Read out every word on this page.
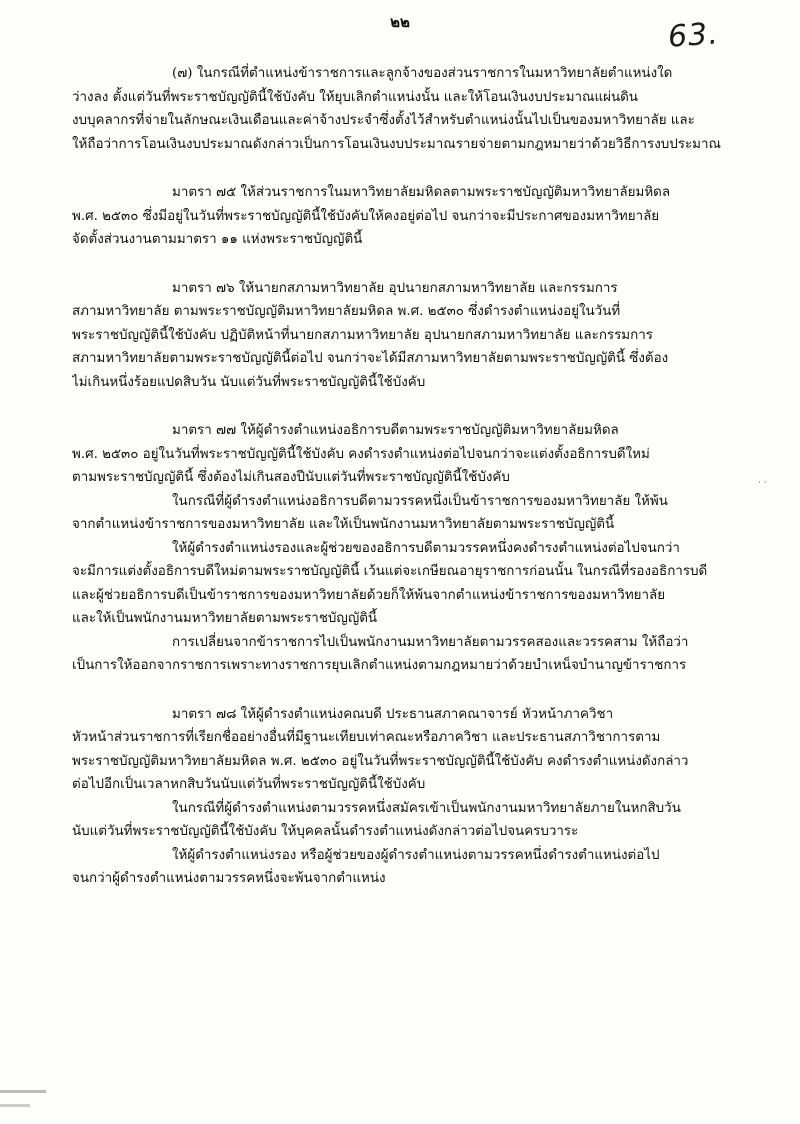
๒๒	63.
· ·

(๗) ในกรณีที่ตำแหน่งข้าราชการและลูกจ้างของส่วนราชการในมหาวิทยาลัยตำแหน่งใด
ว่างลง ตั้งแต่วันที่พระราชบัญญัตินี้ใช้บังคับ ให้ยุบเลิกตำแหน่งนั้น และให้โอนเงินงบประมาณแผ่นดิน
งบบุคลากรที่จ่ายในลักษณะเงินเดือนและค่าจ้างประจำซึ่งตั้งไว้สำหรับตำแหน่งนั้นไปเป็นของมหาวิทยาลัย และ
ให้ถือว่าการโอนเงินงบประมาณดังกล่าวเป็นการโอนเงินงบประมาณรายจ่ายตามกฎหมายว่าด้วยวิธีการงบประมาณ

มาตรา ๗๕ ให้ส่วนราชการในมหาวิทยาลัยมหิดลตามพระราชบัญญัติมหาวิทยาลัยมหิดล
พ.ศ. ๒๕๓๐ ซึ่งมีอยู่ในวันที่พระราชบัญญัตินี้ใช้บังคับให้คงอยู่ต่อไป จนกว่าจะมีประกาศของมหาวิทยาลัย
จัดตั้งส่วนงานตามมาตรา ๑๑ แห่งพระราชบัญญัตินี้

มาตรา ๗๖ ให้นายกสภามหาวิทยาลัย อุปนายกสภามหาวิทยาลัย และกรรมการ
สภามหาวิทยาลัย ตามพระราชบัญญัติมหาวิทยาลัยมหิดล พ.ศ. ๒๕๓๐ ซึ่งดำรงตำแหน่งอยู่ในวันที่
พระราชบัญญัตินี้ใช้บังคับ ปฏิบัติหน้าที่นายกสภามหาวิทยาลัย อุปนายกสภามหาวิทยาลัย และกรรมการ
สภามหาวิทยาลัยตามพระราชบัญญัตินี้ต่อไป จนกว่าจะได้มีสภามหาวิทยาลัยตามพระราชบัญญัตินี้ ซึ่งต้อง
ไม่เกินหนึ่งร้อยแปดสิบวัน นับแต่วันที่พระราชบัญญัตินี้ใช้บังคับ

มาตรา ๗๗ ให้ผู้ดำรงตำแหน่งอธิการบดีตามพระราชบัญญัติมหาวิทยาลัยมหิดล
พ.ศ. ๒๕๓๐ อยู่ในวันที่พระราชบัญญัตินี้ใช้บังคับ คงดำรงตำแหน่งต่อไปจนกว่าจะแต่งตั้งอธิการบดีใหม่
ตามพระราชบัญญัตินี้ ซึ่งต้องไม่เกินสองปีนับแต่วันที่พระราชบัญญัตินี้ใช้บังคับ

ในกรณีที่ผู้ดำรงตำแหน่งอธิการบดีตามวรรคหนึ่งเป็นข้าราชการของมหาวิทยาลัย ให้พ้น
จากตำแหน่งข้าราชการของมหาวิทยาลัย และให้เป็นพนักงานมหาวิทยาลัยตามพระราชบัญญัตินี้

ให้ผู้ดำรงตำแหน่งรองและผู้ช่วยของอธิการบดีตามวรรคหนึ่งคงดำรงตำแหน่งต่อไปจนกว่า
จะมีการแต่งตั้งอธิการบดีใหม่ตามพระราชบัญญัตินี้ เว้นแต่จะเกษียณอายุราชการก่อนนั้น ในกรณีที่รองอธิการบดี
และผู้ช่วยอธิการบดีเป็นข้าราชการของมหาวิทยาลัยด้วยก็ให้พ้นจากตำแหน่งข้าราชการของมหาวิทยาลัย
และให้เป็นพนักงานมหาวิทยาลัยตามพระราชบัญญัตินี้

การเปลี่ยนจากข้าราชการไปเป็นพนักงานมหาวิทยาลัยตามวรรคสองและวรรคสาม ให้ถือว่า
เป็นการให้ออกจากราชการเพราะทางราชการยุบเลิกตำแหน่งตามกฎหมายว่าด้วยบำเหน็จบำนาญข้าราชการ

มาตรา ๗๘ ให้ผู้ดำรงตำแหน่งคณบดี ประธานสภาคณาจารย์ หัวหน้าภาควิชา
หัวหน้าส่วนราชการที่เรียกชื่ออย่างอื่นที่มีฐานะเทียบเท่าคณะหรือภาควิชา และประธานสภาวิชาการตาม
พระราชบัญญัติมหาวิทยาลัยมหิดล พ.ศ. ๒๕๓๐ อยู่ในวันที่พระราชบัญญัตินี้ใช้บังคับ คงดำรงตำแหน่งดังกล่าว
ต่อไปอีกเป็นเวลาหกสิบวันนับแต่วันที่พระราชบัญญัตินี้ใช้บังคับ

ในกรณีที่ผู้ดำรงตำแหน่งตามวรรคหนึ่งสมัครเข้าเป็นพนักงานมหาวิทยาลัยภายในหกสิบวัน
นับแต่วันที่พระราชบัญญัตินี้ใช้บังคับ ให้บุคคลนั้นดำรงตำแหน่งดังกล่าวต่อไปจนครบวาระ

ให้ผู้ดำรงตำแหน่งรอง หรือผู้ช่วยของผู้ดำรงตำแหน่งตามวรรคหนึ่งดำรงตำแหน่งต่อไป
จนกว่าผู้ดำรงตำแหน่งตามวรรคหนึ่งจะพ้นจากตำแหน่ง
